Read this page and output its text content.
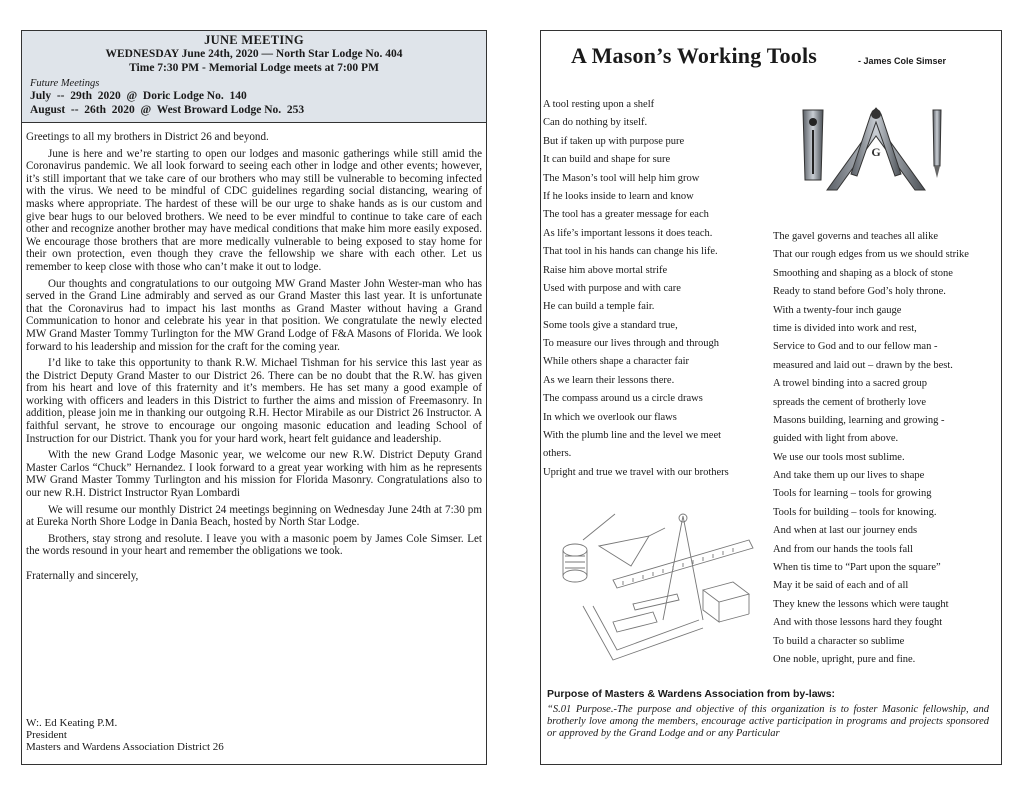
JUNE MEETING
WEDNESDAY June 24th, 2020 — North Star Lodge No. 404
Time 7:30 PM - Memorial Lodge meets at 7:00 PM
Future Meetings
July  --  29th  2020  @  Doric Lodge No.  140
August  --  26th  2020  @  West Broward Lodge No.  253

Greetings to all my brothers in District 26 and beyond.

June is here and we’re starting to open our lodges and masonic gatherings while still amid the Coronavirus pandemic. We all look forward to seeing each other in lodge and other events; however, it’s still important that we take care of our brothers who may still be vulnerable to becoming infected with the virus. We need to be mindful of CDC guidelines regarding social distancing, wearing of masks where appropriate. The hardest of these will be our urge to shake hands as is our custom and give bear hugs to our beloved brothers. We need to be ever mindful to continue to take care of each other and recognize another brother may have medical conditions that make him more easily exposed. We encourage those brothers that are more medically vulnerable to being exposed to stay home for their own protection, even though they crave the fellowship we share with each other. Let us remember to keep close with those who can’t make it out to lodge.

Our thoughts and congratulations to our outgoing MW Grand Master John Wester-man who has served in the Grand Line admirably and served as our Grand Master this last year. It is unfortunate that the Coronavirus had to impact his last months as Grand Master without having a Grand Communication to honor and celebrate his year in that position. We congratulate the newly elected MW Grand Master Tommy Turlington for the MW Grand Lodge of F&A Masons of Florida. We look forward to his leadership and mission for the craft for the coming year.

I’d like to take this opportunity to thank R.W. Michael Tishman for his service this last year as the District Deputy Grand Master to our District 26. There can be no doubt that the R.W. has given from his heart and love of this fraternity and it’s members. He has set many a good example of working with officers and leaders in this District to further the aims and mission of Freemasonry. In addition, please join me in thanking our outgoing R.H. Hector Mirabile as our District 26 Instructor. A faithful servant, he strove to encourage our ongoing masonic education and leading School of Instruction for our District. Thank you for your hard work, heart felt guidance and leadership.

With the new Grand Lodge Masonic year, we welcome our new R.W. District Deputy Grand Master Carlos “Chuck” Hernandez. I look forward to a great year working with him as he represents MW Grand Master Tommy Turlington and his mission for Florida Masonry. Congratulations also to our new R.H. District Instructor Ryan Lombardi

We will resume our monthly District 24 meetings beginning on Wednesday June 24th at 7:30 pm at Eureka North Shore Lodge in Dania Beach, hosted by North Star Lodge.

Brothers, stay strong and resolute. I leave you with a masonic poem by James Cole Simser. Let the words resound in your heart and remember the obligations we took.

Fraternally and sincerely,

W:. Ed Keating P.M.
President
Masters and Wardens Association District 26
A Mason’s Working Tools	- James Cole Simser
A tool resting upon a shelf
Can do nothing by itself.
But if taken up with purpose pure
It can build and shape for sure
The Mason’s tool will help him grow
If he looks inside to learn and know
The tool has a greater message for each
As life’s important lessons it does teach.
That tool in his hands can change his life.
Raise him above mortal strife
Used with purpose and with care
He can build a temple fair.
Some tools give a standard true,
To measure our lives through and through
While others shape a character fair
As we learn their lessons there.
The compass around us a circle draws
In which we overlook our flaws
With the plumb line and the level we meet
others.
Upright and true we travel with our brothers
The gavel governs and teaches all alike
That our rough edges from us we should strike
Smoothing and shaping as a block of stone
Ready to stand before God’s holy throne.
With a twenty-four inch gauge
time is divided into work and rest,
Service to God and to our fellow man -
measured and laid out – drawn by the best.
A trowel binding into a sacred group
spreads the cement of brotherly love
Masons building, learning and growing -
guided with light from above.
We use our tools most sublime.
And take them up our lives to shape
Tools for learning – tools for growing
Tools for building – tools for knowing.
And when at last our journey ends
And from our hands the tools fall
When tis time to “Part upon the square”
May it be said of each and of all
They knew the lessons which were taught
And with those lessons hard they fought
To build a character so sublime
One noble, upright, pure and fine.
G
Purpose of Masters & Wardens Association from by-laws:
“S.01 Purpose.-The purpose and objective of this organization is to foster Masonic fellowship, and brotherly love among the members, encourage active participation in programs and projects sponsored or approved by the Grand Lodge and or any Particular
